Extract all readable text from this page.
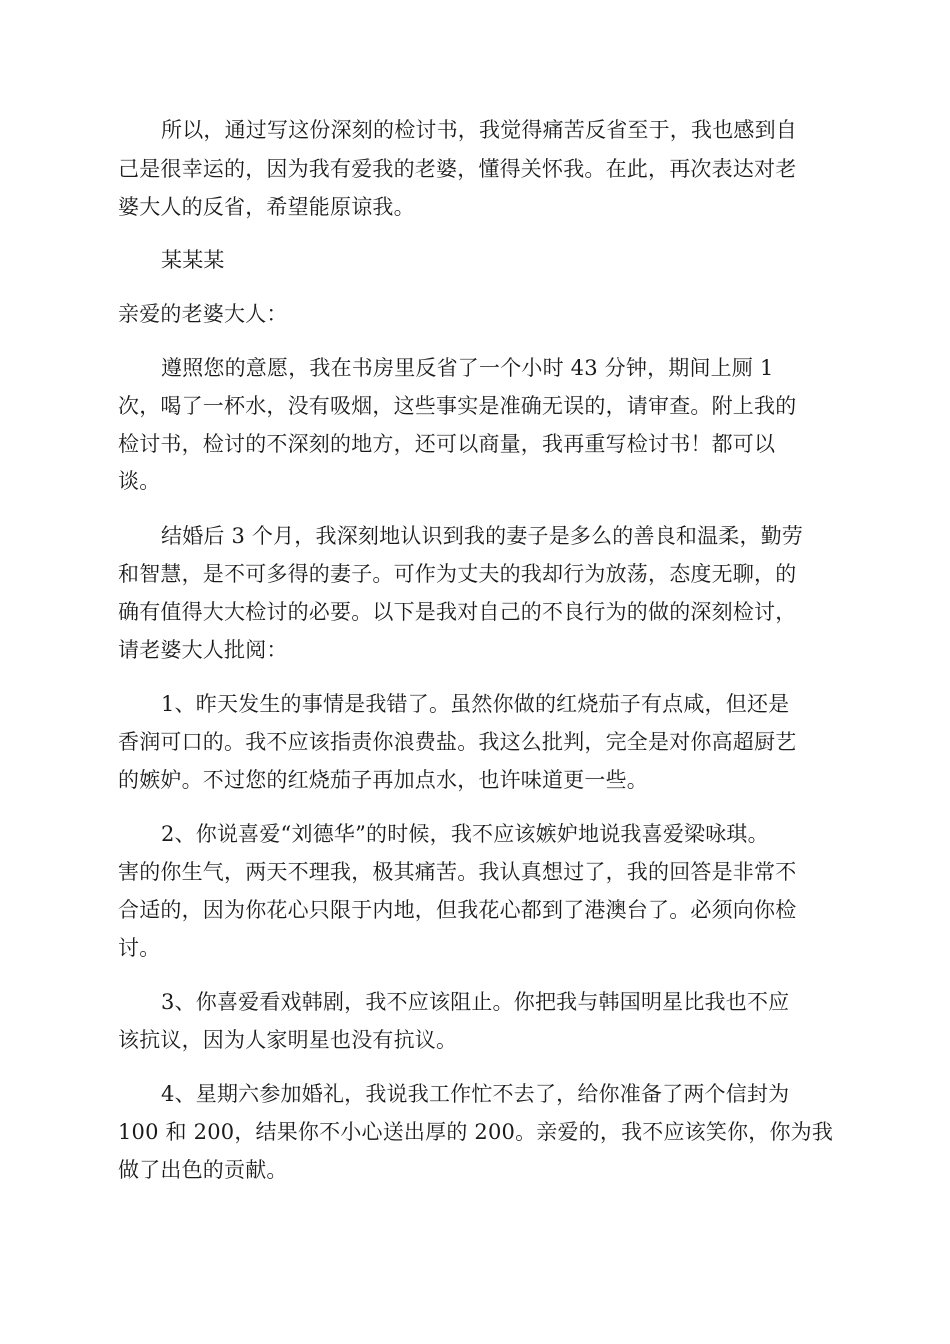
所以，通过写这份深刻的检讨书，我觉得痛苦反省至于，我也感到自
己是很幸运的，因为我有爱我的老婆，懂得关怀我。在此，再次表达对老
婆大人的反省，希望能原谅我。
某某某
亲爱的老婆大人：
遵照您的意愿，我在书房里反省了一个小时 43 分钟，期间上厕 1
次，喝了一杯水，没有吸烟，这些事实是准确无误的，请审查。附上我的
检讨书，检讨的不深刻的地方，还可以商量，我再重写检讨书！都可以
谈。
结婚后 3 个月，我深刻地认识到我的妻子是多么的善良和温柔，勤劳
和智慧，是不可多得的妻子。可作为丈夫的我却行为放荡，态度无聊，的
确有值得大大检讨的必要。以下是我对自己的不良行为的做的深刻检讨，
请老婆大人批阅：
1、昨天发生的事情是我错了。虽然你做的红烧茄子有点咸，但还是
香润可口的。我不应该指责你浪费盐。我这么批判，完全是对你高超厨艺
的嫉妒。不过您的红烧茄子再加点水，也许味道更一些。
2、你说喜爱“刘德华”的时候，我不应该嫉妒地说我喜爱梁咏琪。
害的你生气，两天不理我，极其痛苦。我认真想过了，我的回答是非常不
合适的，因为你花心只限于内地，但我花心都到了港澳台了。必须向你检
讨。
3、你喜爱看戏韩剧，我不应该阻止。你把我与韩国明星比我也不应
该抗议，因为人家明星也没有抗议。
4、星期六参加婚礼，我说我工作忙不去了，给你准备了两个信封为
100 和 200，结果你不小心送出厚的 200。亲爱的，我不应该笑你，你为我
做了出色的贡献。
